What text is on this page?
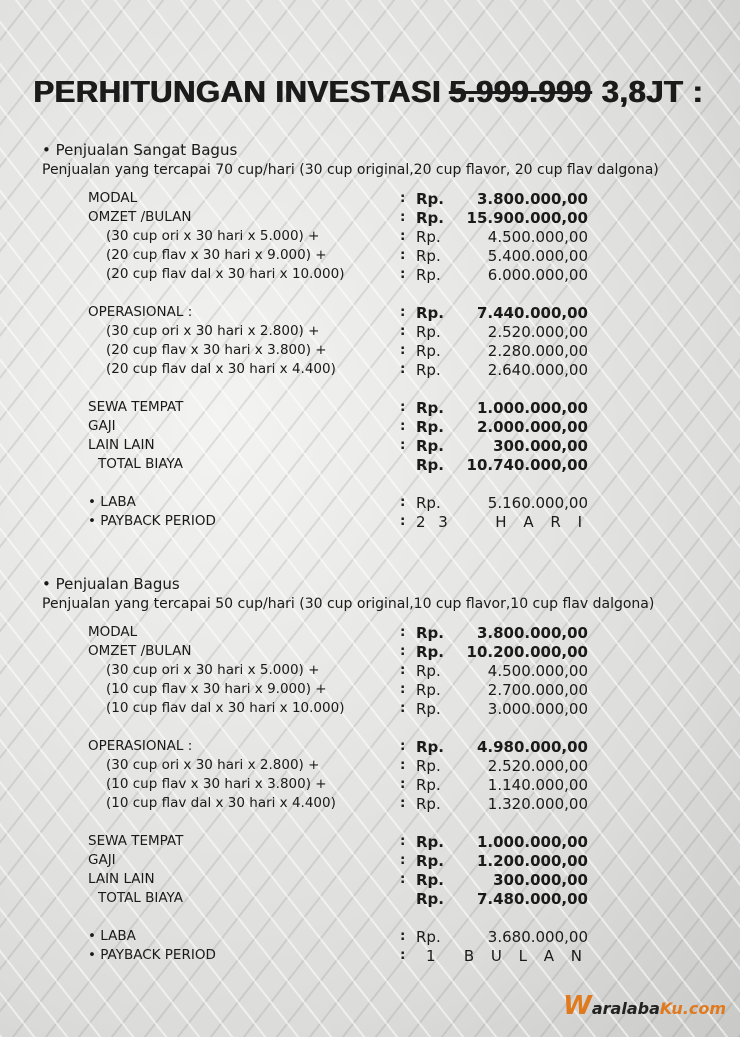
PERHITUNGAN INVESTASI 5.999.999 3,8JT :

• Penjualan Sangat Bagus

Penjualan yang tercapai 70 cup/hari (30 cup original,20 cup flavor, 20 cup flav dalgona)

MODAL	: Rp. 3.800.000,00
OMZET /BULAN	: Rp. 15.900.000,00
(30 cup ori x 30 hari x 5.000) +	: Rp.	4.500.000,00
(20 cup flav x 30 hari x 9.000) +	: Rp.	5.400.000,00
(20 cup flav dal x 30 hari x 10.000)	: Rp.	6.000.000,00
OPERASIONAL :	: Rp. 7.440.000,00
(30 cup ori x 30 hari x 2.800) +	: Rp.	2.520.000,00
(20 cup flav x 30 hari x 3.800) +	: Rp.	2.280.000,00
(20 cup flav dal x 30 hari x 4.400)	: Rp.	2.640.000,00
SEWA TEMPAT	: Rp. 1.000.000,00
GAJI	: Rp. 2.000.000,00
LAIN LAIN	: Rp.	300.000,00
TOTAL BIAYA	Rp. 10.740.000,00
• LABA	: Rp.	5.160.000,00
• PAYBACK PERIOD	: 2 3	H A R I

• Penjualan Bagus

Penjualan yang tercapai 50 cup/hari (30 cup original,10 cup flavor,10 cup flav dalgona)

MODAL	: Rp. 3.800.000,00
OMZET /BULAN	: Rp. 10.200.000,00
(30 cup ori x 30 hari x 5.000) +	: Rp.	4.500.000,00
(10 cup flav x 30 hari x 9.000) +	: Rp.	2.700.000,00
(10 cup flav dal x 30 hari x 10.000)	: Rp.	3.000.000,00
OPERASIONAL :	: Rp. 4.980.000,00
(30 cup ori x 30 hari x 2.800) +	: Rp.	2.520.000,00
(10 cup flav x 30 hari x 3.800) +	: Rp.	1.140.000,00
(10 cup flav dal x 30 hari x 4.400)	: Rp.	1.320.000,00
SEWA TEMPAT	: Rp. 1.000.000,00
GAJI	: Rp. 1.200.000,00
LAIN LAIN	: Rp.	300.000,00
TOTAL BIAYA	Rp. 7.480.000,00
• LABA	: Rp.	3.680.000,00
• PAYBACK PERIOD	: 1 B U L A N
WaralabaKu.com
